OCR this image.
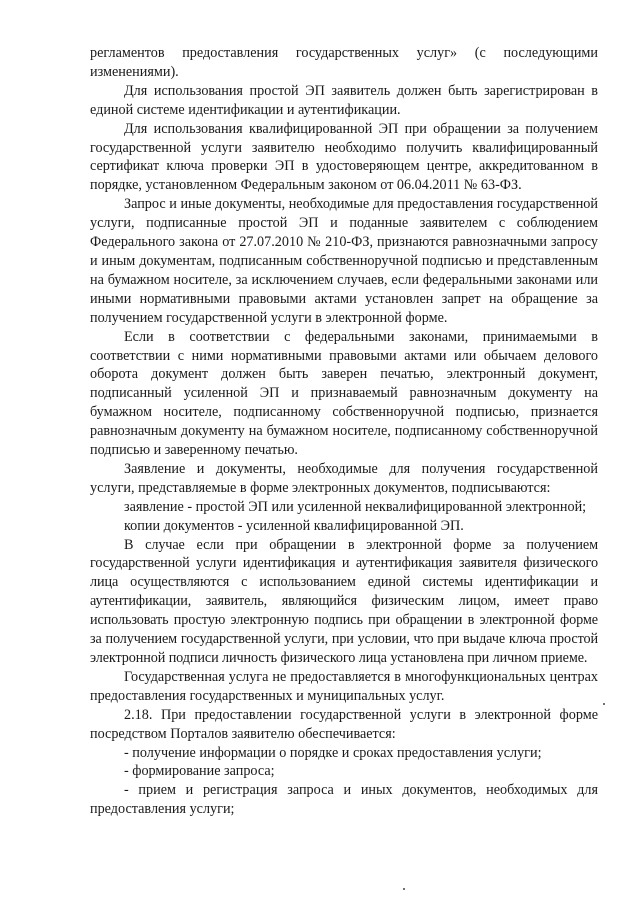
регламентов предоставления государственных услуг» (с последующими изменениями).

Для использования простой ЭП заявитель должен быть зарегистрирован в единой системе идентификации и аутентификации.

Для использования квалифицированной ЭП при обращении за получением государственной услуги заявителю необходимо получить квалифицированный сертификат ключа проверки ЭП в удостоверяющем центре, аккредитованном в порядке, установленном Федеральным законом от 06.04.2011 № 63-ФЗ.

Запрос и иные документы, необходимые для предоставления государственной услуги, подписанные простой ЭП и поданные заявителем с соблюдением Федерального закона от 27.07.2010 № 210-ФЗ, признаются равнозначными запросу и иным документам, подписанным собственноручной подписью и представленным на бумажном носителе, за исключением случаев, если федеральными законами или иными нормативными правовыми актами установлен запрет на обращение за получением государственной услуги в электронной форме.

Если в соответствии с федеральными законами, принимаемыми в соответствии с ними нормативными правовыми актами или обычаем делового оборота документ должен быть заверен печатью, электронный документ, подписанный усиленной ЭП и признаваемый равнозначным документу на бумажном носителе, подписанному собственноручной подписью, признается равнозначным документу на бумажном носителе, подписанному собственноручной подписью и заверенному печатью.

Заявление и документы, необходимые для получения государственной услуги, представляемые в форме электронных документов, подписываются:

заявление - простой ЭП или усиленной неквалифицированной электронной;

копии документов - усиленной квалифицированной ЭП.

В случае если при обращении в электронной форме за получением государственной услуги идентификация и аутентификация заявителя физического лица осуществляются с использованием единой системы идентификации и аутентификации, заявитель, являющийся физическим лицом, имеет право использовать простую электронную подпись при обращении в электронной форме за получением государственной услуги, при условии, что при выдаче ключа простой электронной подписи личность физического лица установлена при личном приеме.

Государственная услуга не предоставляется в многофункциональных центрах предоставления государственных и муниципальных услуг.

2.18. При предоставлении государственной услуги в электронной форме посредством Порталов заявителю обеспечивается:

- получение информации о порядке и сроках предоставления услуги;

- формирование запроса;

- прием и регистрация запроса и иных документов, необходимых для предоставления услуги;
